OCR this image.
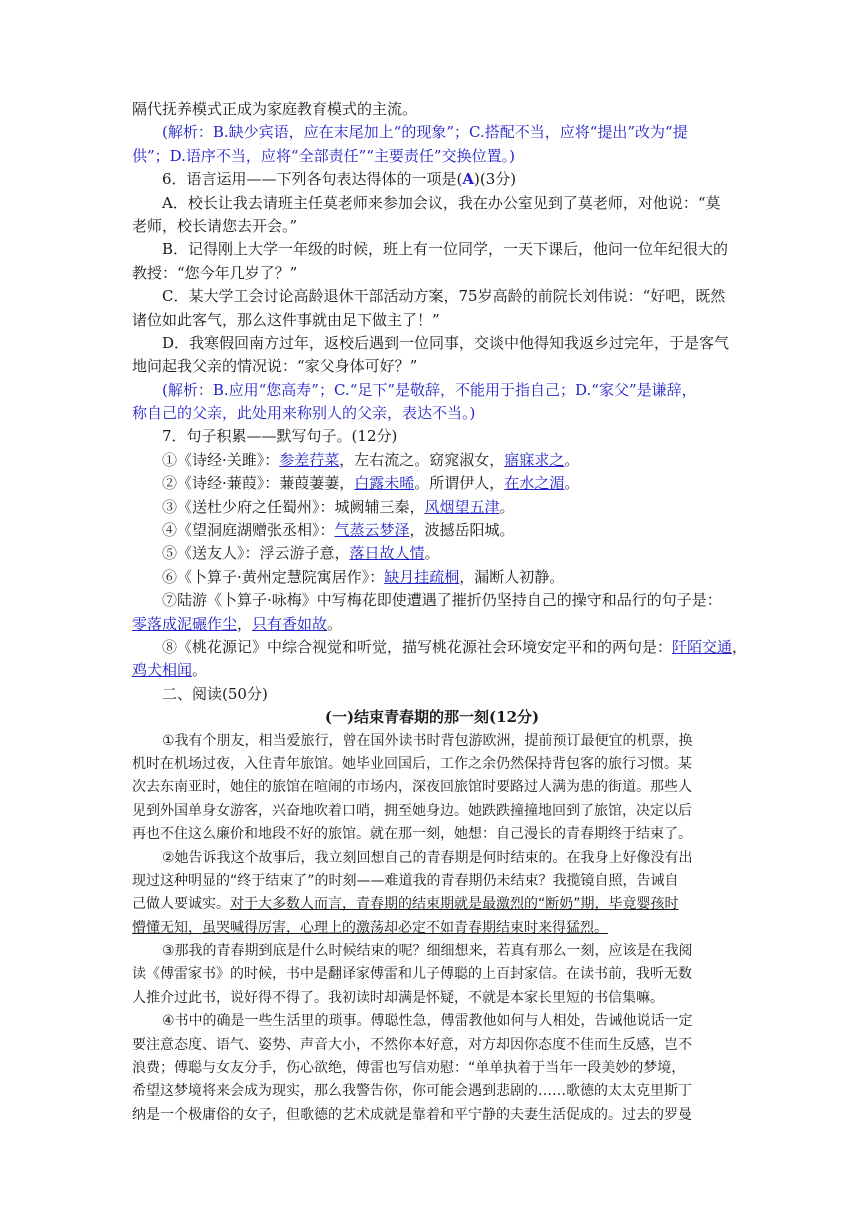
隔代抚养模式正成为家庭教育模式的主流。
(解析：B.缺少宾语，应在末尾加上“的现象”；C.搭配不当，应将“提出”改为“提
供”；D.语序不当，应将“全部责任”“主要责任”交换位置。)
6．语言运用——下列各句表达得体的一项是(A)(3分)
A．校长让我去请班主任莫老师来参加会议，我在办公室见到了莫老师，对他说：“莫
老师，校长请您去开会。”
B．记得刚上大学一年级的时候，班上有一位同学，一天下课后，他问一位年纪很大的
教授：“您今年几岁了？”
C．某大学工会讨论高龄退休干部活动方案，75岁高龄的前院长刘伟说：“好吧，既然
诸位如此客气，那么这件事就由足下做主了！”
D．我寒假回南方过年，返校后遇到一位同事，交谈中他得知我返乡过完年，于是客气
地问起我父亲的情况说：“家父身体可好？”
(解析：B.应用“您高寿”；C.“足下”是敬辞，不能用于指自己；D.“家父”是谦辞，
称自己的父亲，此处用来称别人的父亲，表达不当。)
7．句子积累——默写句子。(12分)
①《诗经·关雎》：参差荇菜，左右流之。窈窕淑女，寤寐求之。
②《诗经·蒹葭》：蒹葭萋萋，白露未晞。所谓伊人，在水之湄。
③《送杜少府之任蜀州》：城阙辅三秦，风烟望五津。
④《望洞庭湖赠张丞相》：气蒸云梦泽，波撼岳阳城。
⑤《送友人》：浮云游子意，落日故人情。
⑥《卜算子·黄州定慧院寓居作》：缺月挂疏桐，漏断人初静。
⑦陆游《卜算子·咏梅》中写梅花即使遭遇了摧折仍坚持自己的操守和品行的句子是：
零落成泥碾作尘，只有香如故。
⑧《桃花源记》中综合视觉和听觉，描写桃花源社会环境安定平和的两句是：阡陌交通，
鸡犬相闻。
二、阅读(50分)
(一)结束青春期的那一刻(12分)
①我有个朋友，相当爱旅行，曾在国外读书时背包游欧洲，提前预订最便宜的机票，换
机时在机场过夜，入住青年旅馆。她毕业回国后，工作之余仍然保持背包客的旅行习惯。某
次去东南亚时，她住的旅馆在喧闹的市场内，深夜回旅馆时要路过人满为患的街道。那些人
见到外国单身女游客，兴奋地吹着口哨，拥至她身边。她跌跌撞撞地回到了旅馆，决定以后
再也不住这么廉价和地段不好的旅馆。就在那一刻，她想：自己漫长的青春期终于结束了。
②她告诉我这个故事后，我立刻回想自己的青春期是何时结束的。在我身上好像没有出
现过这种明显的“终于结束了”的时刻——难道我的青春期仍未结束？我揽镜自照，告诫自
己做人要诚实。对于大多数人而言，青春期的结束期就是最激烈的“断奶”期，毕竟婴孩时
懵懂无知，虽哭喊得厉害，心理上的激荡却必定不如青春期结束时来得猛烈。
③那我的青春期到底是什么时候结束的呢？细细想来，若真有那么一刻，应该是在我阅
读《傅雷家书》的时候，书中是翻译家傅雷和儿子傅聪的上百封家信。在读书前，我听无数
人推介过此书，说好得不得了。我初读时却满是怀疑，不就是本家长里短的书信集嘛。
④书中的确是一些生活里的琐事。傅聪性急，傅雷教他如何与人相处，告诫他说话一定
要注意态度、语气、姿势、声音大小，不然你本好意，对方却因你态度不佳而生反感，岂不
浪费；傅聪与女友分手，伤心欲绝，傅雷也写信劝慰：“单单执着于当年一段美妙的梦境，
希望这梦境将来会成为现实，那么我警告你，你可能会遇到悲剧的……歌德的太太克里斯丁
纳是一个极庸俗的女子，但歌德的艺术成就是靠着和平宁静的夫妻生活促成的。过去的罗曼
